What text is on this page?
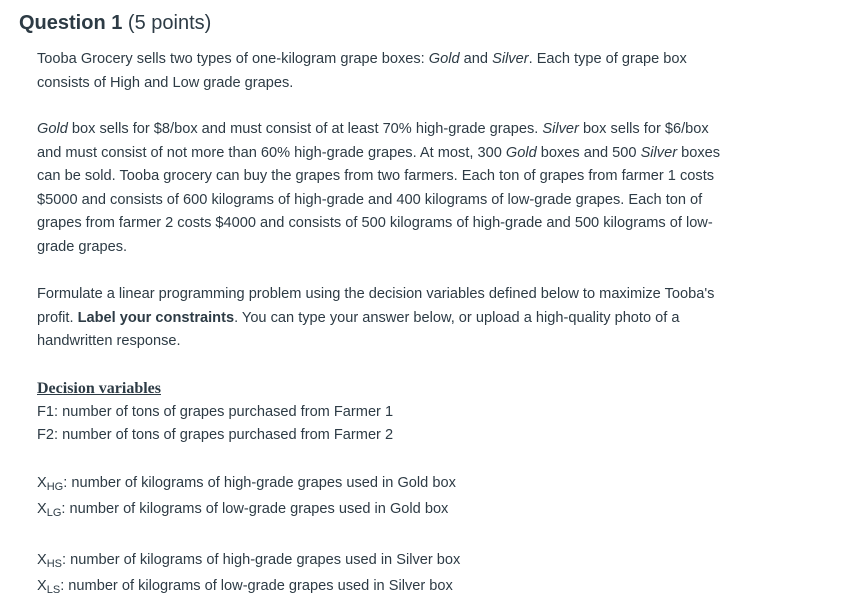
Question 1 (5 points)
Tooba Grocery sells two types of one-kilogram grape boxes: Gold and Silver. Each type of grape box
consists of High and Low grade grapes.
Gold box sells for $8/box and must consist of at least 70% high-grade grapes. Silver box sells for $6/box
and must consist of not more than 60% high-grade grapes. At most, 300 Gold boxes and 500 Silver boxes
can be sold. Tooba grocery can buy the grapes from two farmers. Each ton of grapes from farmer 1 costs
$5000 and consists of 600 kilograms of high-grade and 400 kilograms of low-grade grapes. Each ton of
grapes from farmer 2 costs $4000 and consists of 500 kilograms of high-grade and 500 kilograms of low-
grade grapes.
Formulate a linear programming problem using the decision variables defined below to maximize Tooba's
profit. Label your constraints. You can type your answer below, or upload a high-quality photo of a
handwritten response.
Decision variables
F1: number of tons of grapes purchased from Farmer 1
F2: number of tons of grapes purchased from Farmer 2
$X_{HG}$: number of kilograms of high-grade grapes used in Gold box
$X_{LG}$: number of kilograms of low-grade grapes used in Gold box
$X_{HS}$: number of kilograms of high-grade grapes used in Silver box
$X_{LS}$: number of kilograms of low-grade grapes used in Silver box
